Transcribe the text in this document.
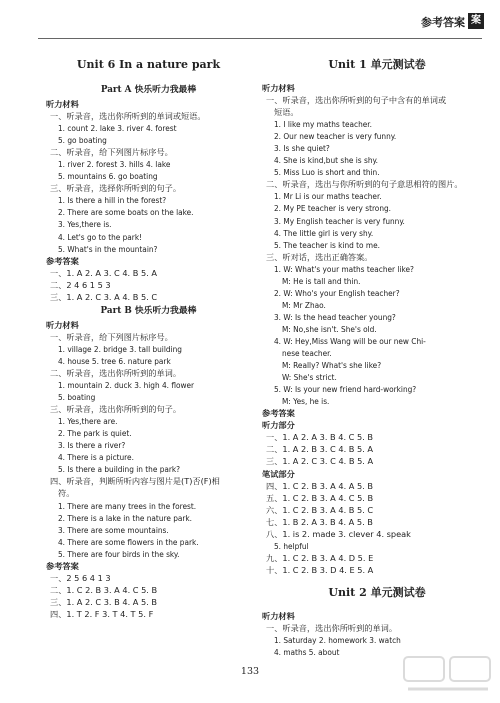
参考答案 案
Unit 6 In a nature park
Part A 快乐听力我最棒
听力材料
一、听录音，选出你所听到的单词或短语。
1. count 2. lake 3. river 4. forest
5. go boating
二、听录音，给下列图片标序号。
1. river 2. forest 3. hills 4. lake
5. mountains 6. go boating
三、听录音，选择你所听到的句子。
1. Is there a hill in the forest?
2. There are some boats on the lake.
3. Yes,there is.
4. Let's go to the park!
5. What's in the mountain?
参考答案
一、1. A 2. A 3. C 4. B 5. A
二、2 4 6 1 5 3
三、1. A 2. C 3. A 4. B 5. C
Part B 快乐听力我最棒
听力材料
一、听录音，给下列图片标序号。
1. village 2. bridge 3. tall building
4. house 5. tree 6. nature park
二、听录音，选出你所听到的单词。
1. mountain 2. duck 3. high 4. flower
5. boating
三、听录音，选出你所听到的句子。
1. Yes,there are.
2. The park is quiet.
3. Is there a river?
4. There is a picture.
5. Is there a building in the park?
四、听录音，判断所听内容与图片是(T)否(F)相
符。
1. There are many trees in the forest.
2. There is a lake in the nature park.
3. There are some mountains.
4. There are some flowers in the park.
5. There are four birds in the sky.
参考答案
一、2 5 6 4 1 3
二、1. C 2. B 3. A 4. C 5. B
三、1. A 2. C 3. B 4. A 5. B
四、1. T 2. F 3. T 4. T 5. F
Unit 1 单元测试卷
听力材料
一、听录音，选出你所听到的句子中含有的单词或
短语。
1. I like my maths teacher.
2. Our new teacher is very funny.
3. Is she quiet?
4. She is kind,but she is shy.
5. Miss Luo is short and thin.
二、听录音，选出与你所听到的句子意思相符的图片。
1. Mr Li is our maths teacher.
2. My PE teacher is very strong.
3. My English teacher is very funny.
4. The little girl is very shy.
5. The teacher is kind to me.
三、听对话，选出正确答案。
1. W: What's your maths teacher like?
M: He is tall and thin.
2. W: Who's your English teacher?
M: Mr Zhao.
3. W: Is the head teacher young?
M: No,she isn't. She's old.
4. W: Hey,Miss Wang will be our new Chi-
nese teacher.
M: Really? What's she like?
W: She's strict.
5. W: Is your new friend hard-working?
M: Yes, he is.
参考答案
听力部分
一、1. A 2. A 3. B 4. C 5. B
二、1. A 2. B 3. C 4. B 5. A
三、1. A 2. C 3. C 4. B 5. A
笔试部分
四、1. C 2. B 3. A 4. A 5. B
五、1. C 2. B 3. A 4. C 5. B
六、1. C 2. B 3. A 4. B 5. C
七、1. B 2. A 3. B 4. A 5. B
八、1. is 2. made 3. clever 4. speak
5. helpful
九、1. C 2. B 3. A 4. D 5. E
十、1. C 2. B 3. D 4. E 5. A
Unit 2 单元测试卷
听力材料
一、听录音，选出你所听到的单词。
1. Saturday 2. homework 3. watch
4. maths 5. about
133
